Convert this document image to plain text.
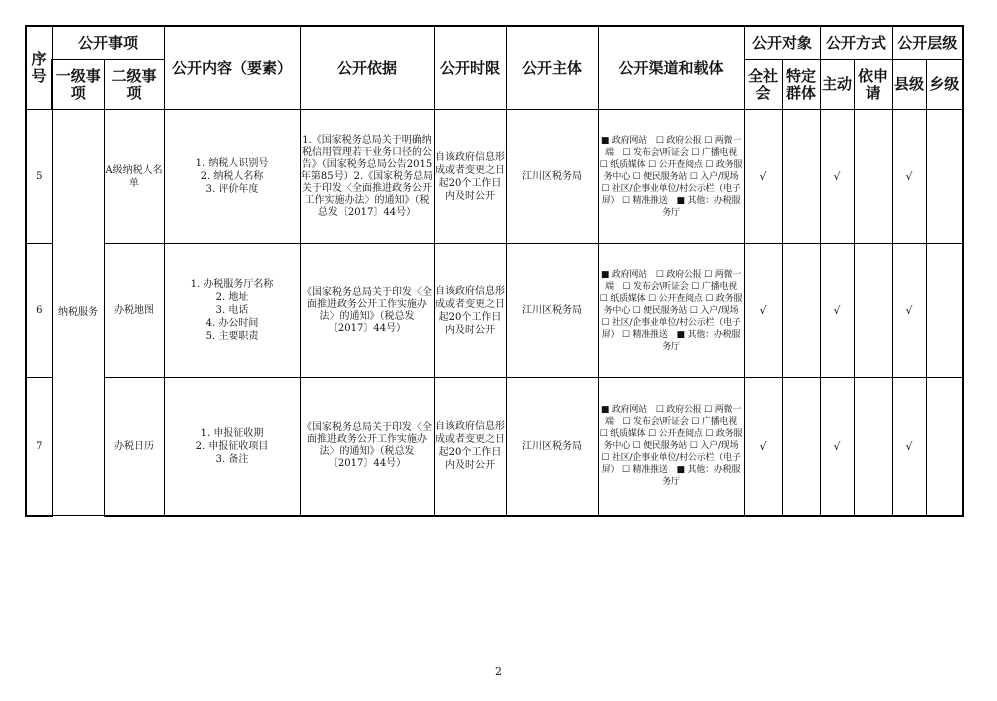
序号	公开事项		公开内容（要素）	公开依据	公开时限	公开主体	公开渠道和载体	公开对象		公开方式		公开层级	
	一级事项	二级事项						全社会	特定群体	主动	依申请	县级	乡级
5	纳税服务	A级纳税人名单	1. 纳税人识别号
2. 纳税人名称
3. 评价年度	1.《国家税务总局关于明确纳税信用管理若干业务口径的公告》（国家税务总局公告2015年第85号）2.《国家税务总局关于印发〈全面推进政务公开工作实施办法〉的通知》（税总发〔2017〕44号）	自该政府信息形成或者变更之日起20个工作日内及时公开	江川区税务局	■ 政府网站　☐ 政府公报 ☐ 两微一端　☐ 发布会\听证会 ☐ 广播电视　☐ 纸质媒体 ☐ 公开查阅点 ☐ 政务服务中心 ☐ 便民服务站 ☐ 入户/现场　☐ 社区/企事业单位/村公示栏（电子屏） ☐ 精准推送　■ 其他：办税服务厅	√		√		√	
6		办税地图	1. 办税服务厅名称
2. 地址
3. 电话
4. 办公时间
5. 主要职责	《国家税务总局关于印发〈全面推进政务公开工作实施办法〉的通知》（税总发〔2017〕44号）	自该政府信息形成或者变更之日起20个工作日内及时公开	江川区税务局	■ 政府网站　☐ 政府公报 ☐ 两微一端　☐ 发布会\听证会 ☐ 广播电视　☐ 纸质媒体 ☐ 公开查阅点 ☐ 政务服务中心 ☐ 便民服务站 ☐ 入户/现场　☐ 社区/企事业单位/村公示栏（电子屏） ☐ 精准推送　■ 其他：办税服务厅	√		√		√	
7		办税日历	1. 申报征收期
2. 申报征收项目
3. 备注	《国家税务总局关于印发〈全面推进政务公开工作实施办法〉的通知》（税总发〔2017〕44号）	自该政府信息形成或者变更之日起20个工作日内及时公开	江川区税务局	■ 政府网站　☐ 政府公报 ☐ 两微一端　☐ 发布会\听证会 ☐ 广播电视　☐ 纸质媒体 ☐ 公开查阅点 ☐ 政务服务中心 ☐ 便民服务站 ☐ 入户/现场　☐ 社区/企事业单位/村公示栏（电子屏） ☐ 精准推送　■ 其他：办税服务厅	√		√		√	
2
